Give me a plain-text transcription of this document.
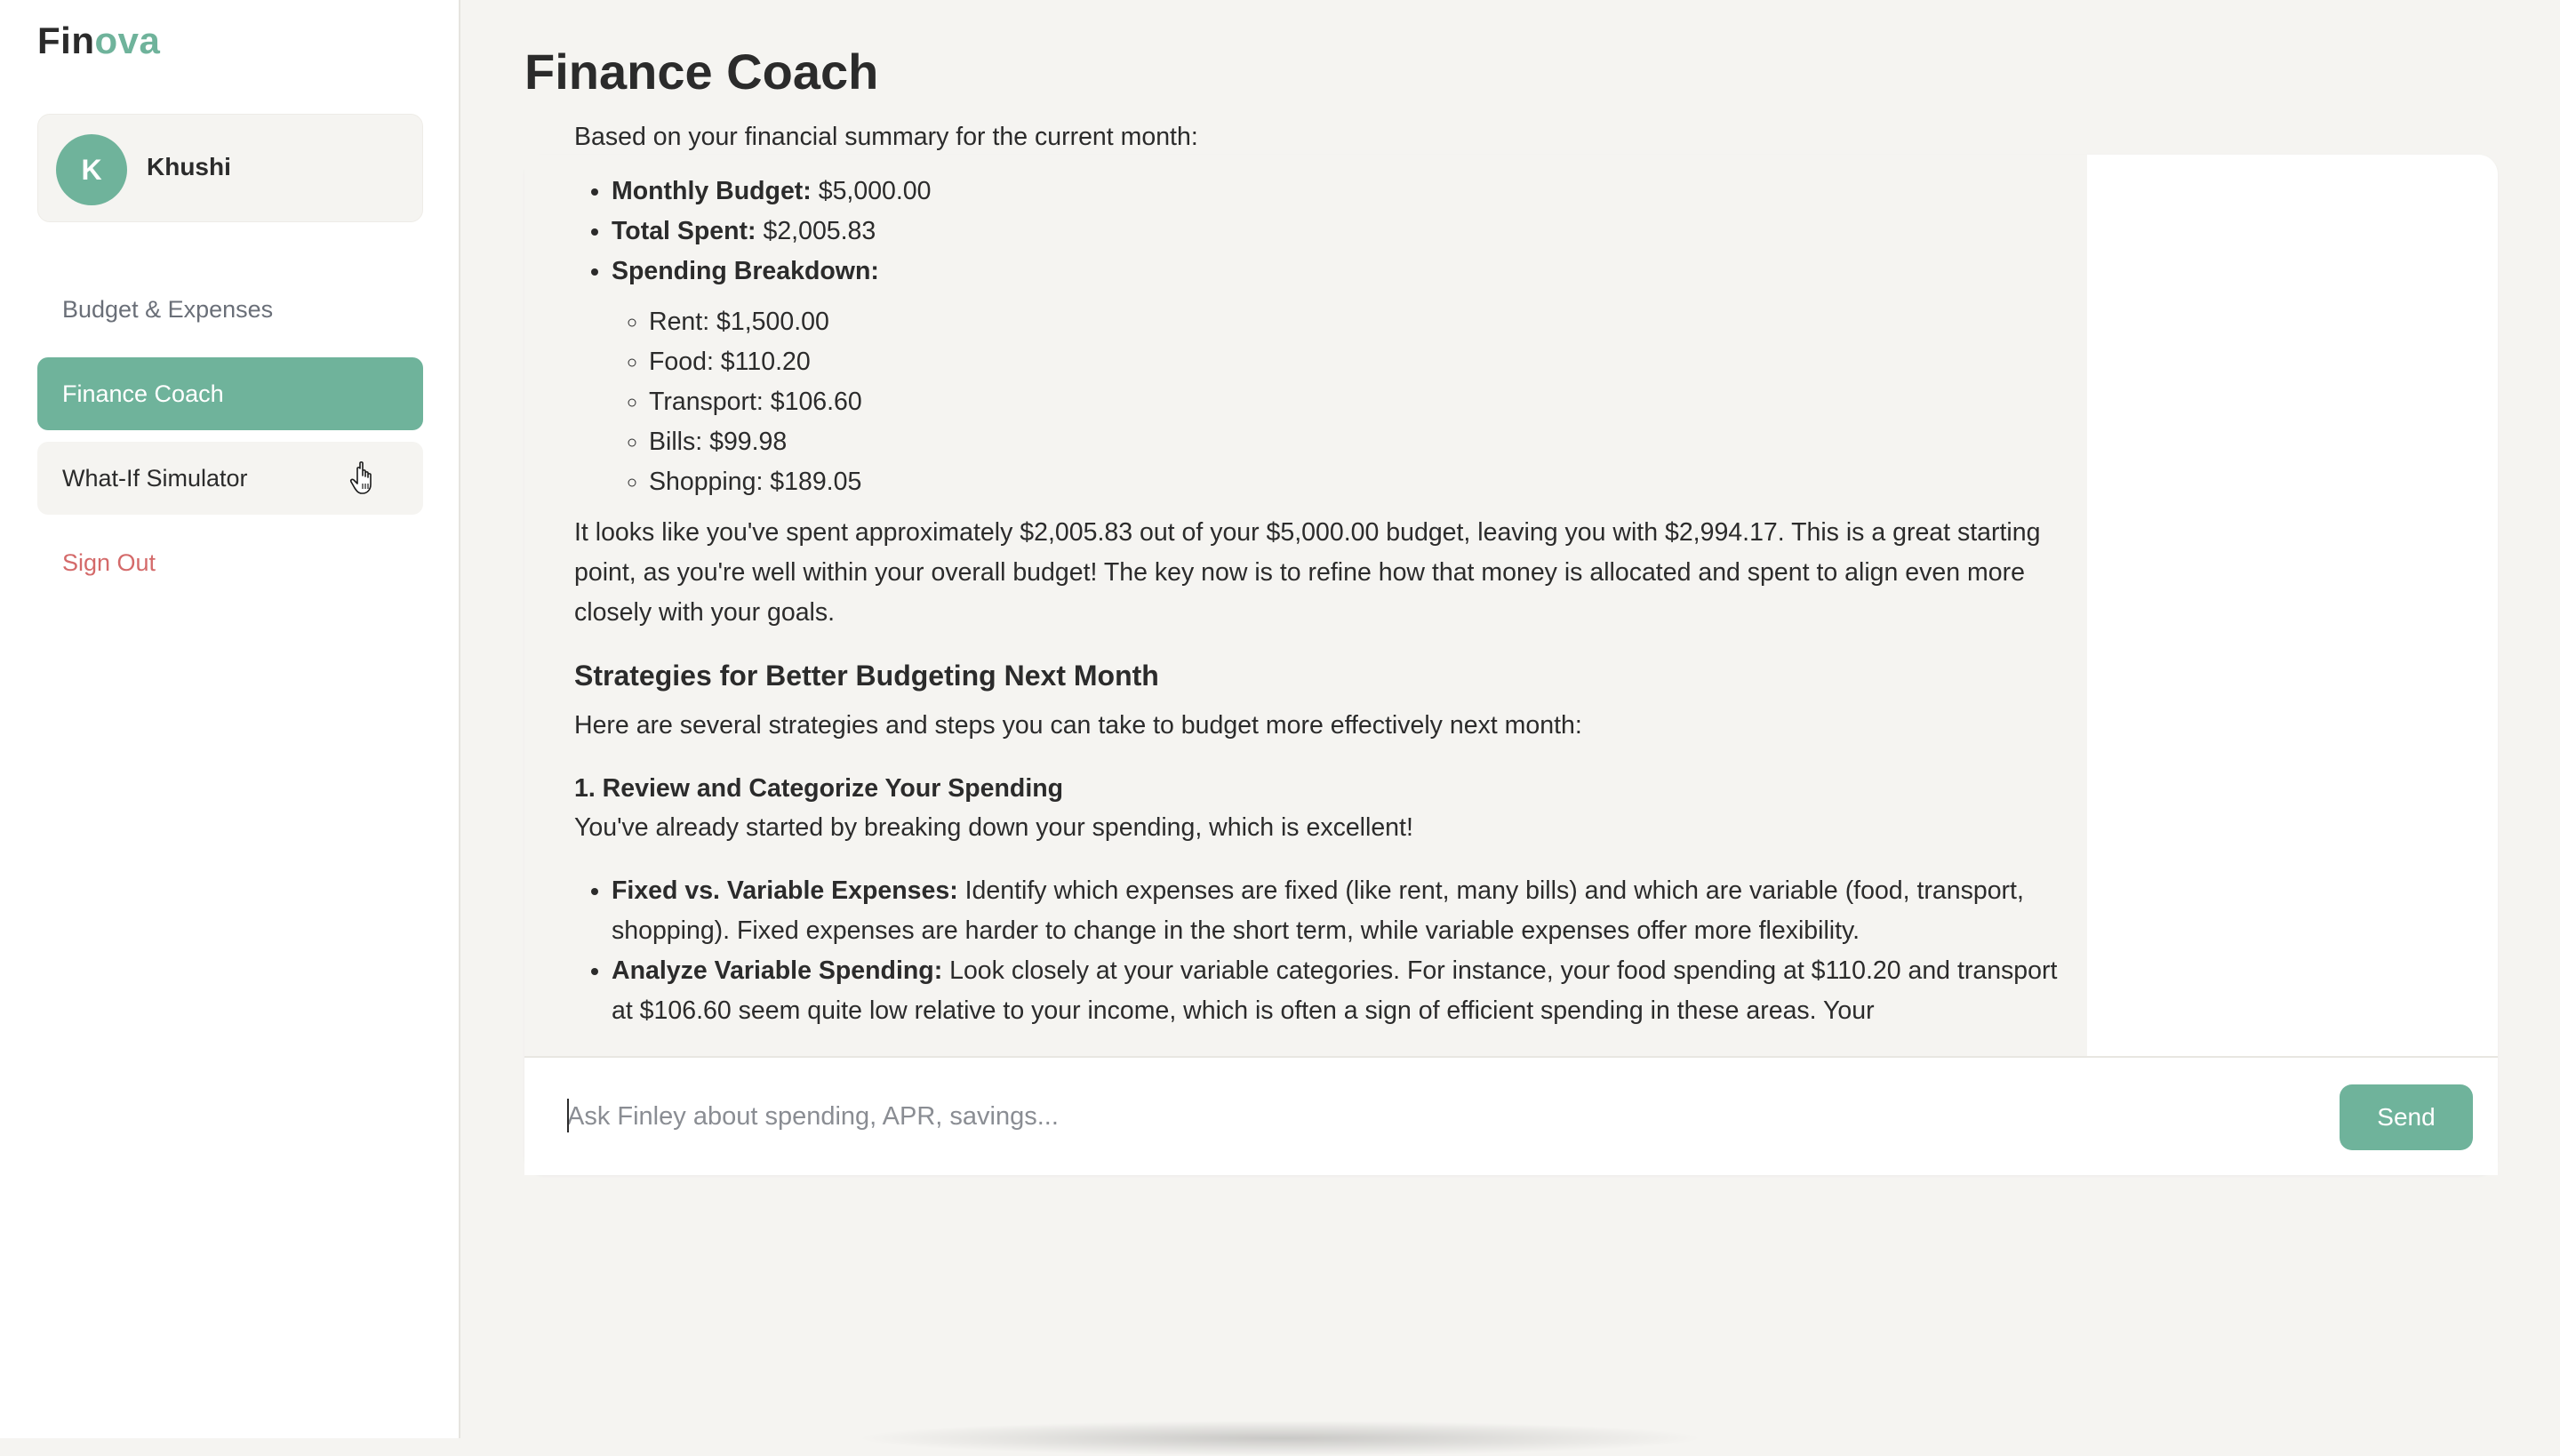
Finova
K	Khushi
Budget & Expenses
Finance Coach
What-If Simulator
Sign Out
Finance Coach

Based on your financial summary for the current month:

• Monthly Budget: $5,000.00
• Total Spent: $2,005.83
• Spending Breakdown:
◦ Rent: $1,500.00
◦ Food: $110.20
◦ Transport: $106.60
◦ Bills: $99.98
◦ Shopping: $189.05

It looks like you've spent approximately $2,005.83 out of your $5,000.00 budget, leaving you with $2,994.17. This is a great starting point, as you're well within your overall budget! The key now is to refine how that money is allocated and spent to align even more closely with your goals.

Strategies for Better Budgeting Next Month

Here are several strategies and steps you can take to budget more effectively next month:

1. Review and Categorize Your Spending

You've already started by breaking down your spending, which is excellent!

• Fixed vs. Variable Expenses: Identify which expenses are fixed (like rent, many bills) and which are variable (food, transport, shopping). Fixed expenses are harder to change in the short term, while variable expenses offer more flexibility.
• Analyze Variable Spending: Look closely at your variable categories. For instance, your food spending at $110.20 and transport at $106.60 seem quite low relative to your income, which is often a sign of efficient spending in these areas. Your
Ask Finley about spending, APR, savings...
Send
